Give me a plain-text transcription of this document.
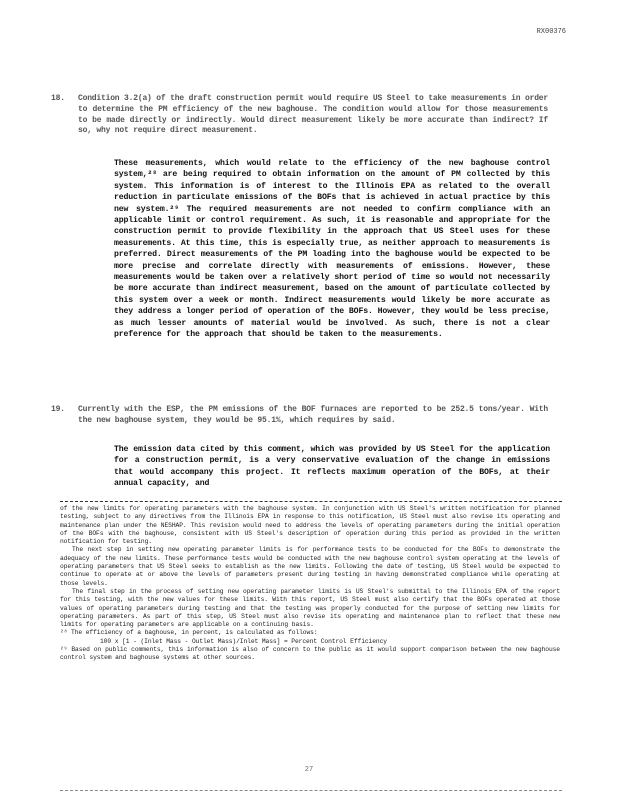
RX00376
18. Condition 3.2(a) of the draft construction permit would require US Steel to take measurements in order to determine the PM efficiency of the new baghouse. The condition would allow for those measurements to be made directly or indirectly. Would direct measurement likely be more accurate than indirect? If so, why not require direct measurement.
These measurements, which would relate to the efficiency of the new baghouse control system,²⁸ are being required to obtain information on the amount of PM collected by this system. This information is of interest to the Illinois EPA as related to the overall reduction in particulate emissions of the BOFs that is achieved in actual practice by this new system.²⁹ The required measurements are not needed to confirm compliance with an applicable limit or control requirement. As such, it is reasonable and appropriate for the construction permit to provide flexibility in the approach that US Steel uses for these measurements. At this time, this is especially true, as neither approach to measurements is preferred. Direct measurements of the PM loading into the baghouse would be expected to be more precise and correlate directly with measurements of emissions. However, these measurements would be taken over a relatively short period of time so would not necessarily be more accurate than indirect measurement, based on the amount of particulate collected by this system over a week or month. Indirect measurements would likely be more accurate as they address a longer period of operation of the BOFs. However, they would be less precise, as much lesser amounts of material would be involved. As such, there is not a clear preference for the approach that should be taken to the measurements.
19. Currently with the ESP, the PM emissions of the BOF furnaces are reported to be 252.5 tons/year. With the new baghouse system, they would be 95.1%, which requires by said.
The emission data cited by this comment, which was provided by US Steel for the application for a construction permit, is a very conservative evaluation of the change in emissions that would accompany this project. It reflects maximum operation of the BOFs, at their annual capacity, and

of the new limits for operating parameters with the baghouse system. In conjunction with US Steel's written notification for planned testing, subject to any directives from the Illinois EPA in response to this notification, US Steel must also revise its operating and maintenance plan under the NESHAP. This revision would need to address the levels of operating parameters during the initial operation of the BOFs with the baghouse, consistent with US Steel's description of operation during this period as provided in the written notification for testing.

The next step in setting new operating parameter limits is for performance tests to be conducted for the BOFs to demonstrate the adequacy of the new limits. These performance tests would be conducted with the new baghouse control system operating at the levels of operating parameters that US Steel seeks to establish as the new limits. Following the date of testing, US Steel would be expected to continue to operate at or above the levels of parameters present during testing in having demonstrated compliance while operating at those levels.

The final step in the process of setting new operating parameter limits is US Steel's submittal to the Illinois EPA of the report for this testing, with the new values for these limits. With this report, US Steel must also certify that the BOFs operated at those values of operating parameters during testing and that the testing was properly conducted for the purpose of setting new limits for operating parameters. As part of this step, US Steel must also revise its operating and maintenance plan to reflect that these new limits for operating parameters are applicable on a continuing basis.

²⁸ The efficiency of a baghouse, in percent, is calculated as follows:

100 x [1 - (Inlet Mass - Outlet Mass)/Inlet Mass] = Percent Control Efficiency

²⁹ Based on public comments, this information is also of concern to the public as it would support comparison between the new baghouse control system and baghouse systems at other sources.

27
